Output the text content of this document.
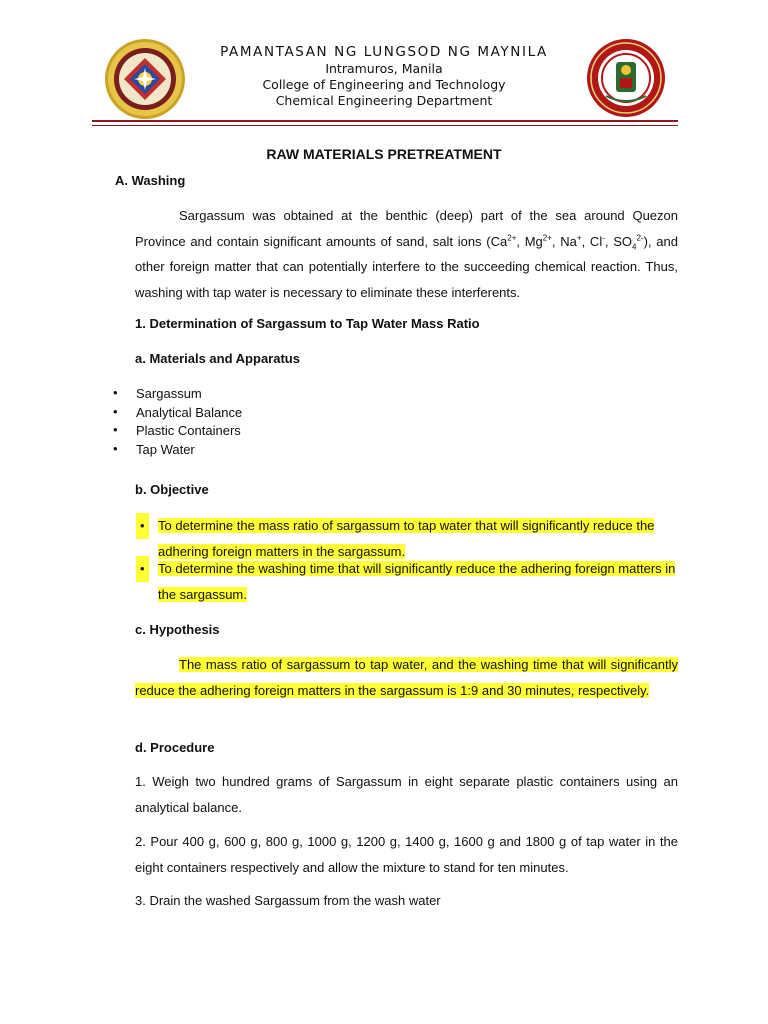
PAMANTASAN NG LUNGSOD NG MAYNILA
Intramuros, Manila
College of Engineering and Technology
Chemical Engineering Department
RAW MATERIALS PRETREATMENT
A. Washing
Sargassum was obtained at the benthic (deep) part of the sea around Quezon Province and contain significant amounts of sand, salt ions ($Ca^{2+}$, $Mg^{2+}$, Na+, Cl-, $SO_4^{2-}$), and other foreign matter that can potentially interfere to the succeeding chemical reaction. Thus, washing with tap water is necessary to eliminate these interferents.
1. Determination of Sargassum to Tap Water Mass Ratio
a. Materials and Apparatus
• Sargassum
• Analytical Balance
• Plastic Containers
• Tap Water
b. Objective
•	To determine the mass ratio of sargassum to tap water that will significantly reduce the adhering foreign matters in the sargassum.
•	To determine the washing time that will significantly reduce the adhering foreign matters in the sargassum.
c. Hypothesis
The mass ratio of sargassum to tap water, and the washing time that will significantly reduce the adhering foreign matters in the sargassum is 1:9 and 30 minutes, respectively.
d. Procedure
1. Weigh two hundred grams of Sargassum in eight separate plastic containers using an analytical balance.
2. Pour 400 g, 600 g, 800 g, 1000 g, 1200 g, 1400 g, 1600 g and 1800 g of tap water in the eight containers respectively and allow the mixture to stand for ten minutes.
3. Drain the washed Sargassum from the wash water
